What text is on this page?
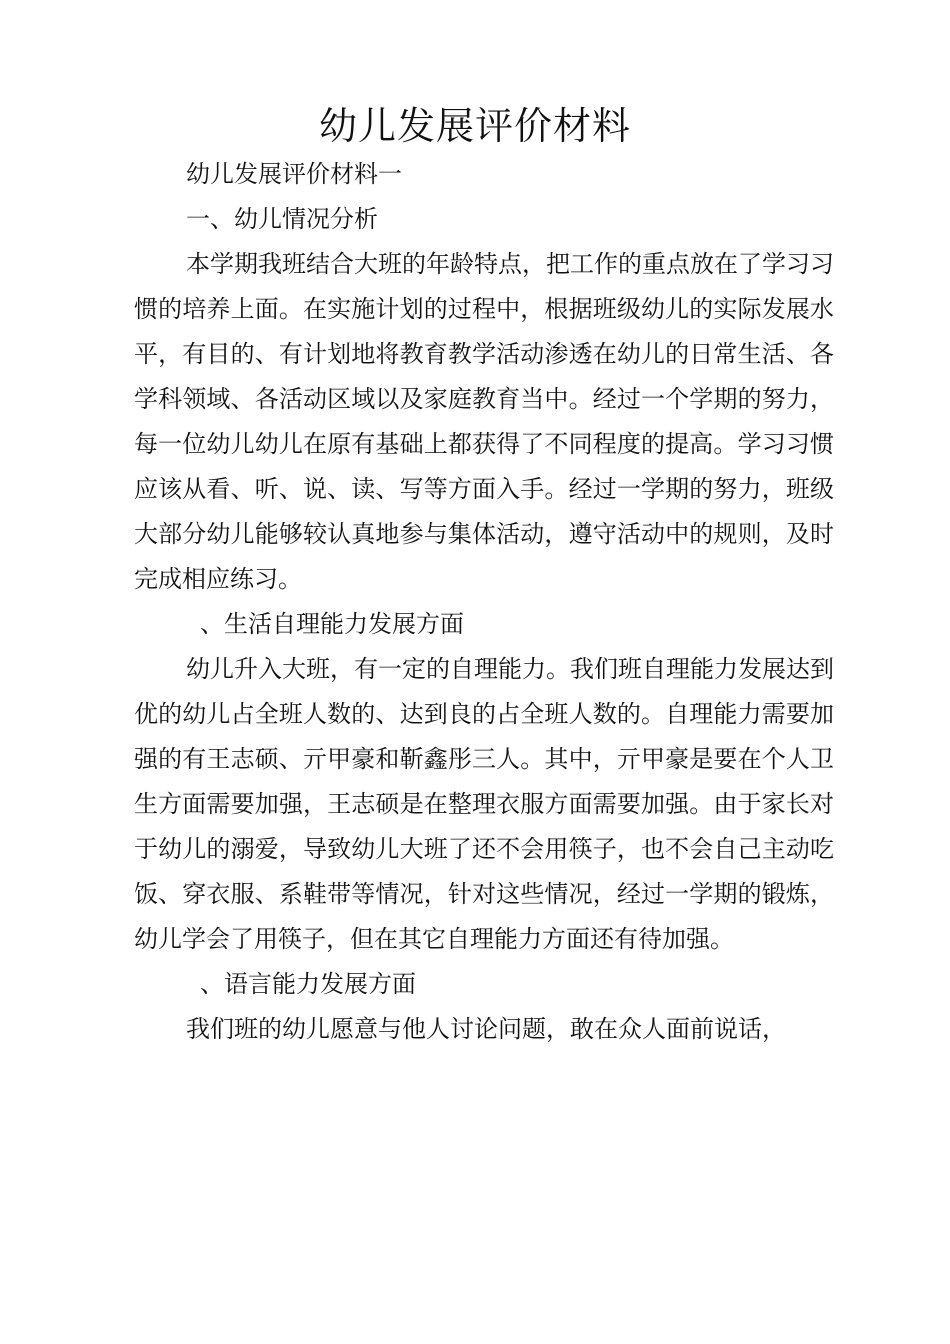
幼儿发展评价材料

幼儿发展评价材料一

一、幼儿情况分析

本学期我班结合大班的年龄特点，把工作的重点放在了学习习惯的培养上面。在实施计划的过程中，根据班级幼儿的实际发展水平，有目的、有计划地将教育教学活动渗透在幼儿的日常生活、各学科领域、各活动区域以及家庭教育当中。经过一个学期的努力，每一位幼儿幼儿在原有基础上都获得了不同程度的提高。学习习惯应该从看、听、说、读、写等方面入手。经过一学期的努力，班级大部分幼儿能够较认真地参与集体活动，遵守活动中的规则，及时完成相应练习。

、生活自理能力发展方面

幼儿升入大班，有一定的自理能力。我们班自理能力发展达到优的幼儿占全班人数的、达到良的占全班人数的。自理能力需要加强的有王志硕、亓甲豪和靳鑫彤三人。其中，亓甲豪是要在个人卫生方面需要加强，王志硕是在整理衣服方面需要加强。由于家长对于幼儿的溺爱，导致幼儿大班了还不会用筷子，也不会自己主动吃饭、穿衣服、系鞋带等情况，针对这些情况，经过一学期的锻炼，幼儿学会了用筷子，但在其它自理能力方面还有待加强。

、语言能力发展方面

我们班的幼儿愿意与他人讨论问题，敢在众人面前说话，
